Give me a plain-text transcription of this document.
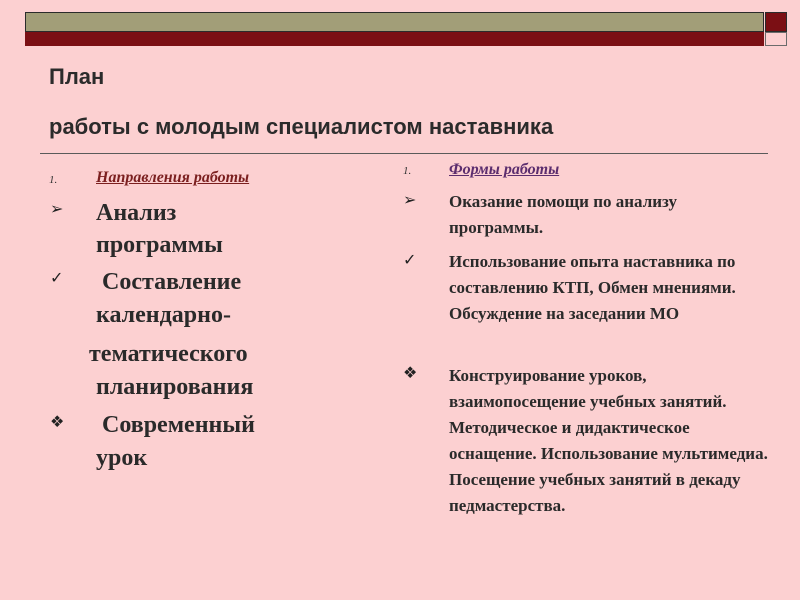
План
работы с молодым специалистом наставника
1. Направления работы
➢ Анализ
программы
✓ Составление
календарно-
тематического
планирования
❖ Современный
урок
1. Формы работы
➢ Оказание помощи по анализу программы.
✓ Использование опыта наставника по составлению КТП, Обмен мнениями. Обсуждение на заседании МО
❖ Конструирование уроков, взаимопосещение учебных занятий. Методическое и дидактическое оснащение. Использование мультимедиа. Посещение учебных занятий в декаду педмастерства.
